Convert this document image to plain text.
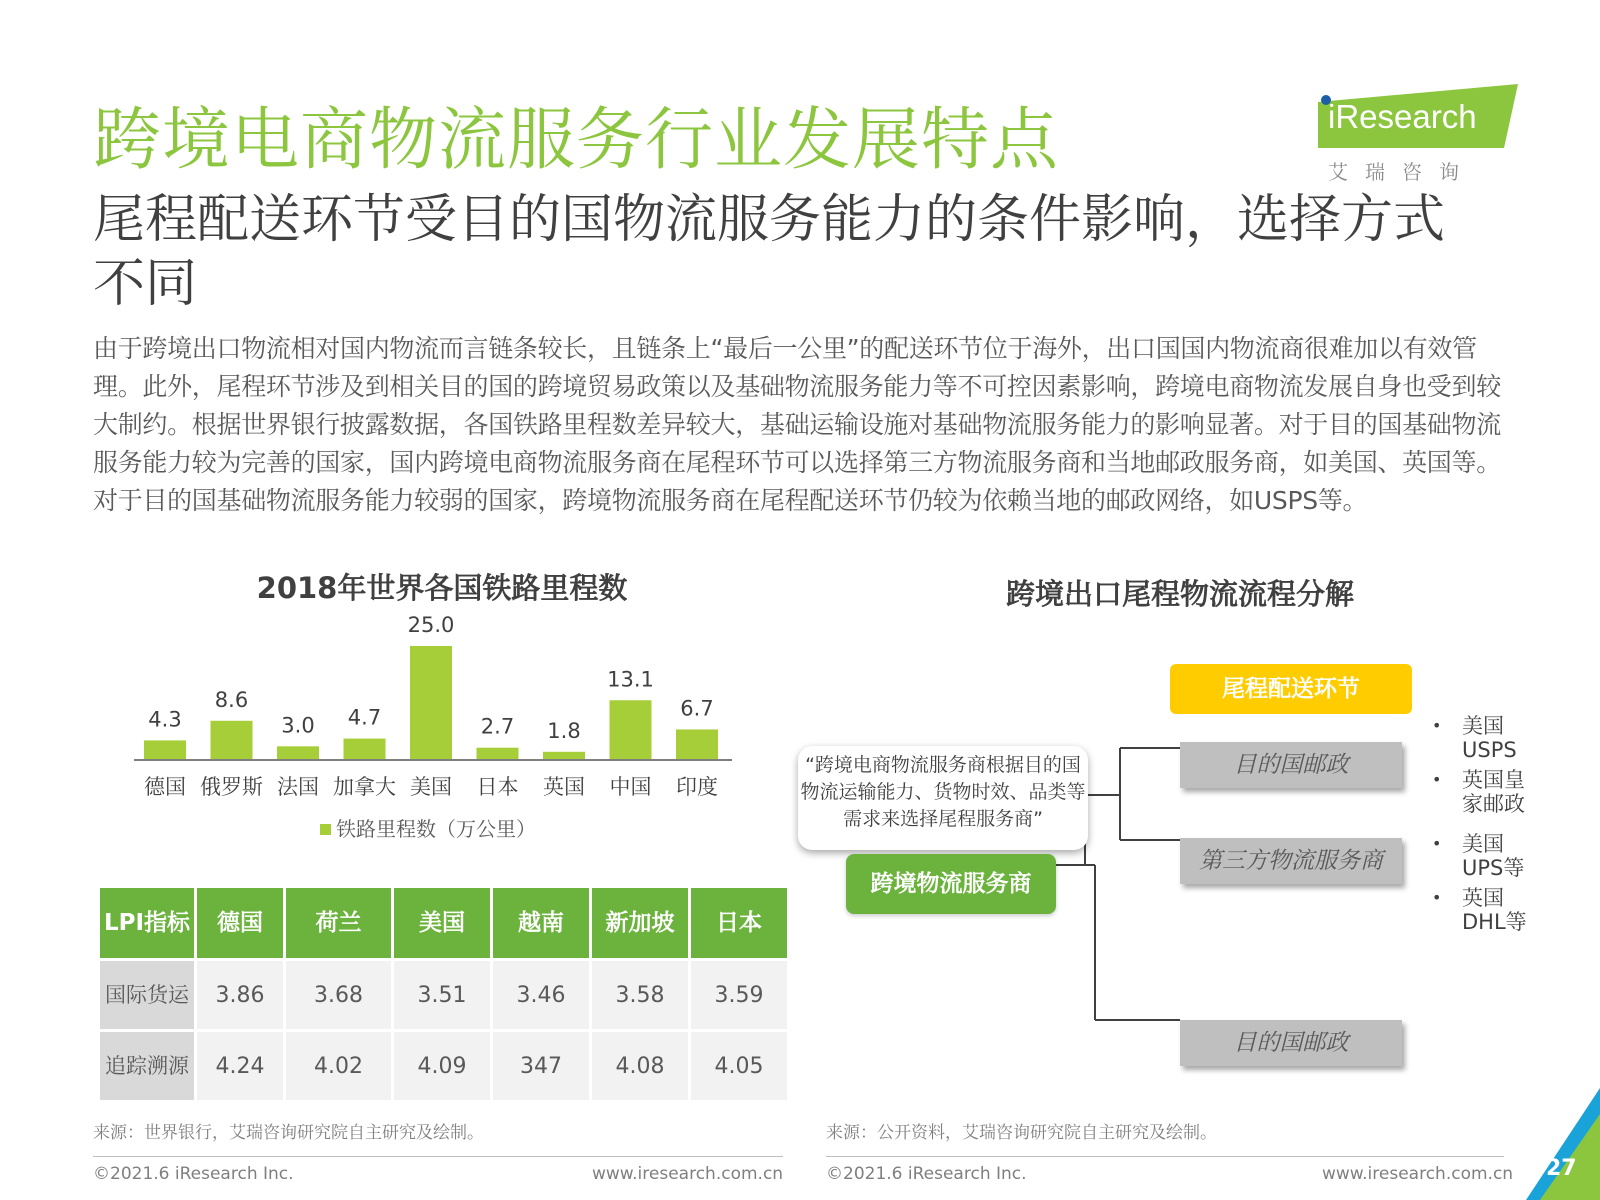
跨境电商物流服务行业发展特点
尾程配送环节受目的国物流服务能力的条件影响，选择方式不同
由于跨境出口物流相对国内物流而言链条较长，且链条上“最后一公里”的配送环节位于海外，出口国国内物流商很难加以有效管理。此外，尾程环节涉及到相关目的国的跨境贸易政策以及基础物流服务能力等不可控因素影响，跨境电商物流发展自身也受到较大制约。根据世界银行披露数据，各国铁路里程数差异较大，基础运输设施对基础物流服务能力的影响显著。对于目的国基础物流服务能力较为完善的国家，国内跨境电商物流服务商在尾程环节可以选择第三方物流服务商和当地邮政服务商，如美国、英国等。对于目的国基础物流服务能力较弱的国家，跨境物流服务商在尾程配送环节仍较为依赖当地的邮政网络，如USPS等。
iResearch
艾瑞咨询
2018年世界各国铁路里程数
4.3
德国
8.6
俄罗斯
3.0
法国
4.7
加拿大
25.0
美国
2.7
日本
1.8
英国
13.1
中国
6.7
印度
铁路里程数（万公里）
LPI指标	德国	荷兰	美国	越南	新加坡	日本
国际货运	3.86	3.68	3.51	3.46	3.58	3.59
追踪溯源	4.24	4.02	4.09	347	4.08	4.05
来源：世界银行，艾瑞咨询研究院自主研究及绘制。
跨境出口尾程物流流程分解
尾程配送环节
“跨境电商物流服务商根据目的国物流运输能力、货物时效、品类等需求来选择尾程服务商”
跨境物流服务商
目的国邮政
第三方物流服务商
目的国邮政
• 美国USPS
• 英国皇家邮政
• 美国UPS等
• 英国DHL等
来源：公开资料，艾瑞咨询研究院自主研究及绘制。
©2021.6 iResearch Inc.	www.iresearch.com.cn	©2021.6 iResearch Inc.	www.iresearch.com.cn 27
